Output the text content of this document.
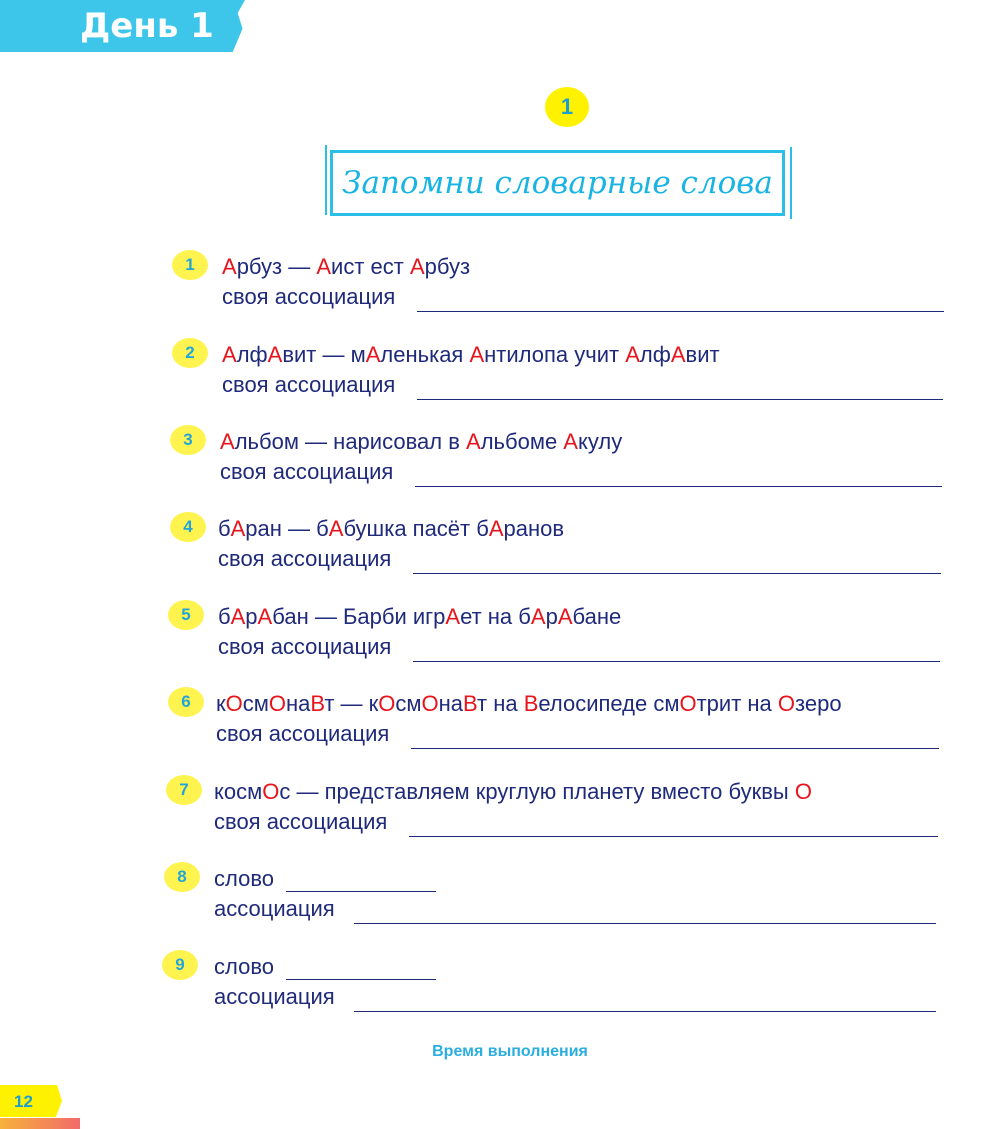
День 1
1
Запомни словарные слова
1	Арбуз — Аист ест Арбуз
своя ассоциация
2	АлфАвит — мАленькая Антилопа учит АлфАвит
своя ассоциация
3	Альбом — нарисовал в Альбоме Акулу
своя ассоциация
4	бАран — бАбушка пасёт бАранов
своя ассоциация
5	бАрАбан — Барби игрАет на бАрАбане
своя ассоциация
6	кОсмОнаВт — кОсмОнаВт на Велосипеде смОтрит на Озеро
своя ассоциация
7	космОс — представляем круглую планету вместо буквы О
своя ассоциация
8	слово
ассоциация
9	слово
ассоциация
Время выполнения
12
